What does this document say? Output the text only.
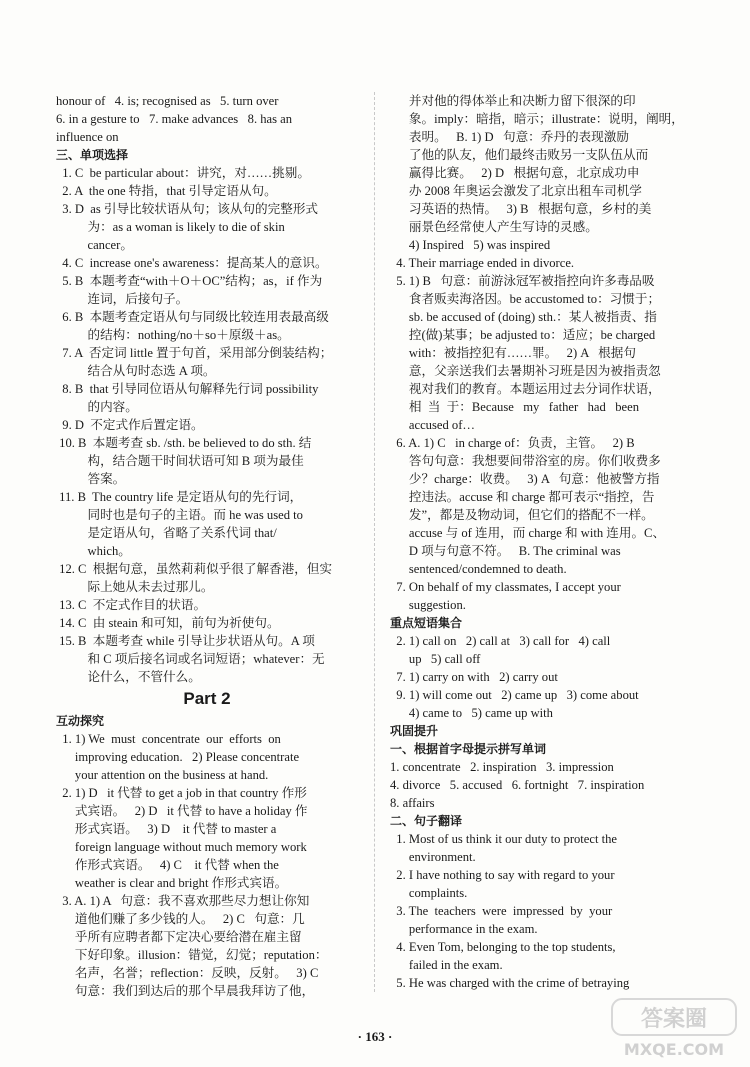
honour of   4. is; recognised as   5. turn over
6. in a gesture to   7. make advances   8. has an
influence on
三、单项选择
1. C  be particular about：讲究，对……挑剔。
2. A  the one 特指，that 引导定语从句。
3. D  as 引导比较状语从句；该从句的完整形式
为：as a woman is likely to die of skin
cancer。
4. C  increase one's awareness：提高某人的意识。
5. B  本题考查“with＋O＋OC”结构；as，if 作为
连词，后接句子。
6. B  本题考查定语从句与同级比较连用表最高级
的结构：nothing/no＋so＋原级＋as。
7. A  否定词 little 置于句首，采用部分倒装结构；
结合从句时态选 A 项。
8. B  that 引导同位语从句解释先行词 possibility
的内容。
9. D  不定式作后置定语。
10. B  本题考查 sb. /sth. be believed to do sth. 结
构，结合题干时间状语可知 B 项为最佳
答案。
11. B  The country life 是定语从句的先行词，
同时也是句子的主语。而 he was used to
是定语从句，省略了关系代词 that/
which。
12. C  根据句意，虽然莉莉似乎很了解香港，但实
际上她从未去过那儿。
13. C  不定式作目的状语。
14. C  由 steain 和可知，前句为祈使句。
15. B  本题考查 while 引导让步状语从句。A 项
和 C 项后接名词或名词短语；whatever：无
论什么，不管什么。
Part 2
互动探究
1. 1) We  must  concentrate  our  efforts  on
improving education.   2) Please concentrate
your attention on the business at hand.
2. 1) D   it 代替 to get a job in that country 作形
式宾语。   2) D   it 代替 to have a holiday 作
形式宾语。   3) D    it 代替 to master a
foreign language without much memory work
作形式宾语。   4) C    it 代替 when the
weather is clear and bright 作形式宾语。
3. A. 1) A   句意：我不喜欢那些尽力想让你知
道他们赚了多少钱的人。   2) C   句意：几
乎所有应聘者都下定决心要给潜在雇主留
下好印象。illusion：错觉，幻觉；reputation：
名声，名誉；reflection：反映，反射。   3) C
句意：我们到达后的那个早晨我拜访了他，
并对他的得体举止和决断力留下很深的印
象。imply：暗指，暗示；illustrate：说明，阐明，
表明。   B. 1) D   句意：乔丹的表现激励
了他的队友，他们最终击败另一支队伍从而
赢得比赛。   2) D   根据句意，北京成功申
办 2008 年奥运会激发了北京出租车司机学
习英语的热情。   3) B   根据句意，乡村的美
丽景色经常使人产生写诗的灵感。
4) Inspired   5) was inspired
4. Their marriage ended in divorce.
5. 1) B   句意：前游泳冠军被指控向许多毒品吸
食者贩卖海洛因。be accustomed to：习惯于；
sb. be accused of (doing) sth.：某人被指责、指
控(做)某事；be adjusted to：适应；be charged
with：被指控犯有……罪。   2) A   根据句
意，父亲送我们去暑期补习班是因为被指责忽
视对我们的教育。本题运用过去分词作状语，
相  当  于：Because   my   father   had   been
accused of…
6. A. 1) C   in charge of：负责，主管。   2) B
答句句意：我想要间带浴室的房。你们收费多
少？charge：收费。   3) A   句意：他被警方指
控违法。accuse 和 charge 都可表示“指控，告
发”，都是及物动词，但它们的搭配不一样。
accuse 与 of 连用，而 charge 和 with 连用。C、
D 项与句意不符。   B. The criminal was
sentenced/condemned to death.
7. On behalf of my classmates, I accept your
suggestion.
重点短语集合
2. 1) call on   2) call at   3) call for   4) call
up   5) call off
7. 1) carry on with   2) carry out
9. 1) will come out   2) came up   3) come about
4) came to   5) came up with
巩固提升
一、根据首字母提示拼写单词
1. concentrate   2. inspiration   3. impression
4. divorce   5. accused   6. fortnight   7. inspiration
8. affairs
二、句子翻译
1. Most of us think it our duty to protect the
environment.
2. I have nothing to say with regard to your
complaints.
3. The  teachers  were  impressed  by  your
performance in the exam.
4. Even Tom, belonging to the top students,
failed in the exam.
5. He was charged with the crime of betraying
· 163 ·
答案圈
MXQE.COM
